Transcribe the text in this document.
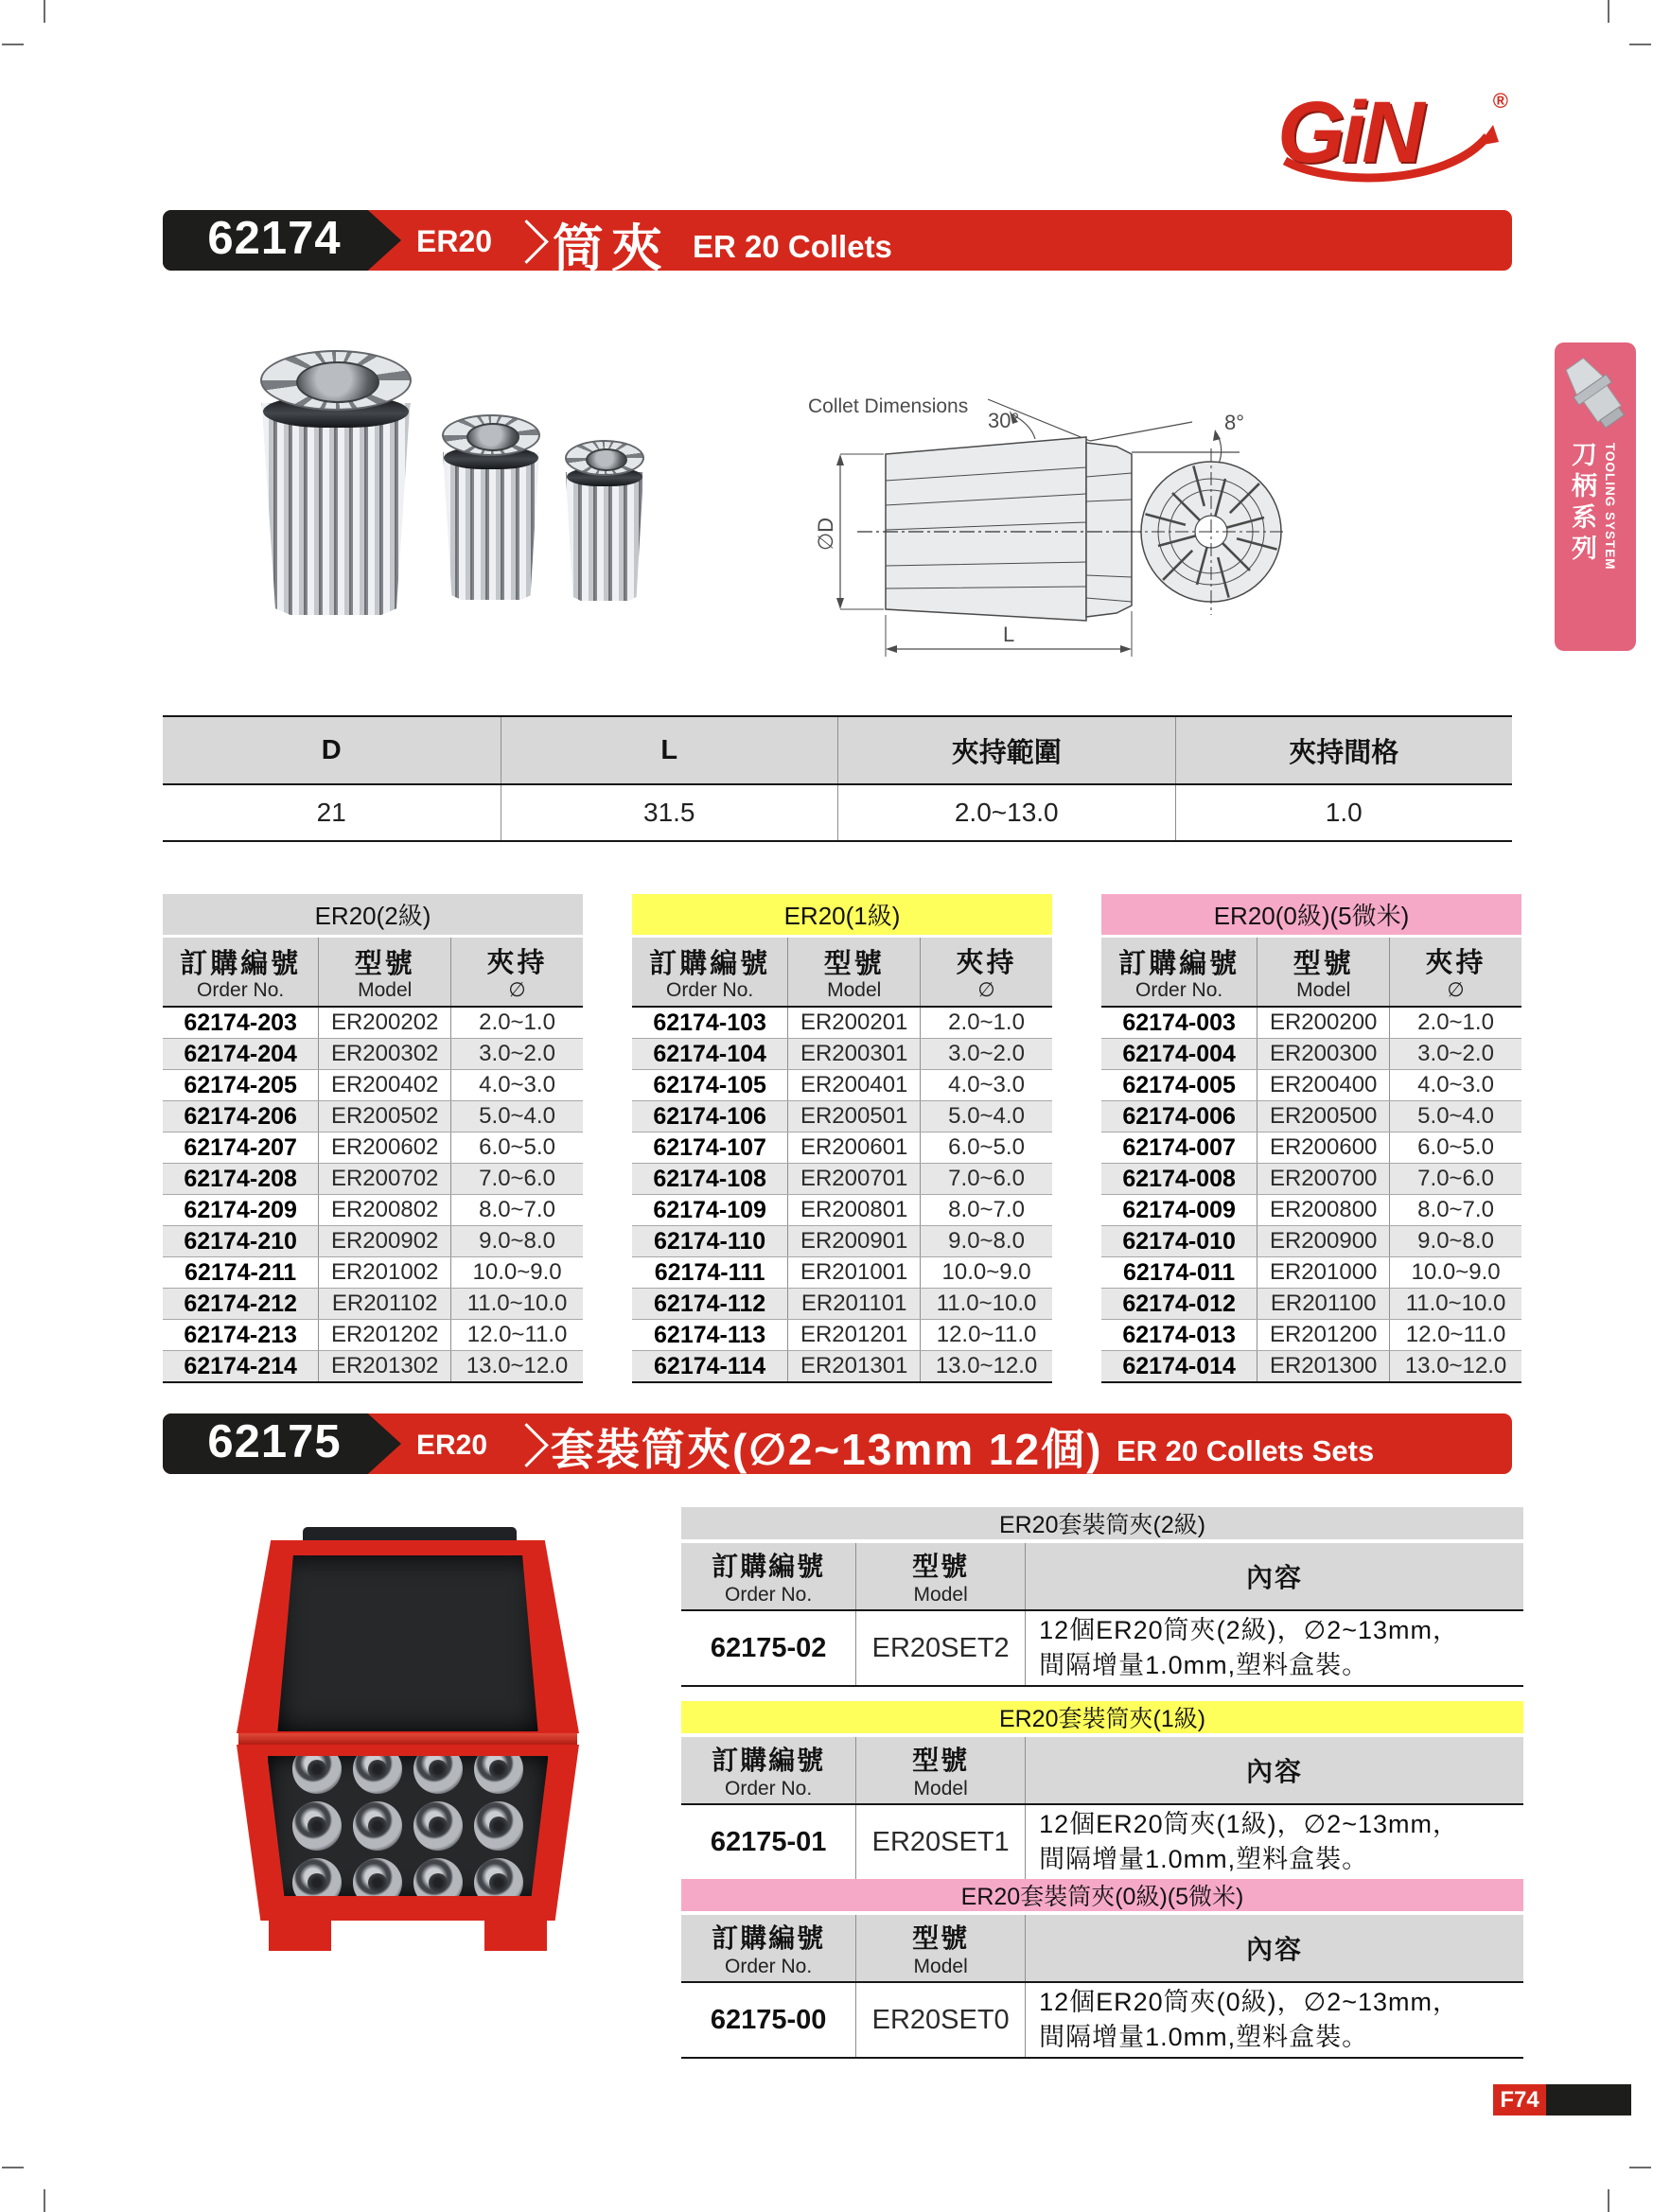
GiN	®
62174	ER20 筒夾 ER 20 Collets
Collet Dimensions
30°	8°
∅D
L
刀柄系列 TOOLING SYSTEM
D	L	夾持範圍	夾持間格
21	31.5	2.0~13.0	1.0
ER20(2級)
訂購編號
Order No.
型號
Model
夾持
∅
62174-203	ER200202	2.0~1.0
62174-204	ER200302	3.0~2.0
62174-205	ER200402	4.0~3.0
62174-206	ER200502	5.0~4.0
62174-207	ER200602	6.0~5.0
62174-208	ER200702	7.0~6.0
62174-209	ER200802	8.0~7.0
62174-210	ER200902	9.0~8.0
62174-211	ER201002	10.0~9.0
62174-212	ER201102	11.0~10.0
62174-213	ER201202	12.0~11.0
62174-214	ER201302	13.0~12.0
ER20(1級)
訂購編號
Order No.
型號
Model
夾持
∅
62174-103	ER200201	2.0~1.0
62174-104	ER200301	3.0~2.0
62174-105	ER200401	4.0~3.0
62174-106	ER200501	5.0~4.0
62174-107	ER200601	6.0~5.0
62174-108	ER200701	7.0~6.0
62174-109	ER200801	8.0~7.0
62174-110	ER200901	9.0~8.0
62174-111	ER201001	10.0~9.0
62174-112	ER201101	11.0~10.0
62174-113	ER201201	12.0~11.0
62174-114	ER201301	13.0~12.0
ER20(0級)(5微米)
訂購編號
Order No.
型號
Model
夾持
∅
62174-003	ER200200	2.0~1.0
62174-004	ER200300	3.0~2.0
62174-005	ER200400	4.0~3.0
62174-006	ER200500	5.0~4.0
62174-007	ER200600	6.0~5.0
62174-008	ER200700	7.0~6.0
62174-009	ER200800	8.0~7.0
62174-010	ER200900	9.0~8.0
62174-011	ER201000	10.0~9.0
62174-012	ER201100	11.0~10.0
62174-013	ER201200	12.0~11.0
62174-014	ER201300	13.0~12.0
62175	ER20 套裝筒夾(∅2~13mm 12個) ER 20 Collets Sets
ER20套裝筒夾(2級)
訂購編號
Order No.
型號
Model
內容
62175-02	ER20SET2
12個ER20筒夾(2級)，∅2~13mm，
間隔增量1.0mm,塑料盒裝。
ER20套裝筒夾(1級)
訂購編號
Order No.
型號
Model
內容
62175-01	ER20SET1
12個ER20筒夾(1級)，∅2~13mm，
間隔增量1.0mm,塑料盒裝。
ER20套裝筒夾(0級)(5微米)
訂購編號
Order No.
型號
Model
內容
62175-00	ER20SET0
12個ER20筒夾(0級)，∅2~13mm，
間隔增量1.0mm,塑料盒裝。
F74
